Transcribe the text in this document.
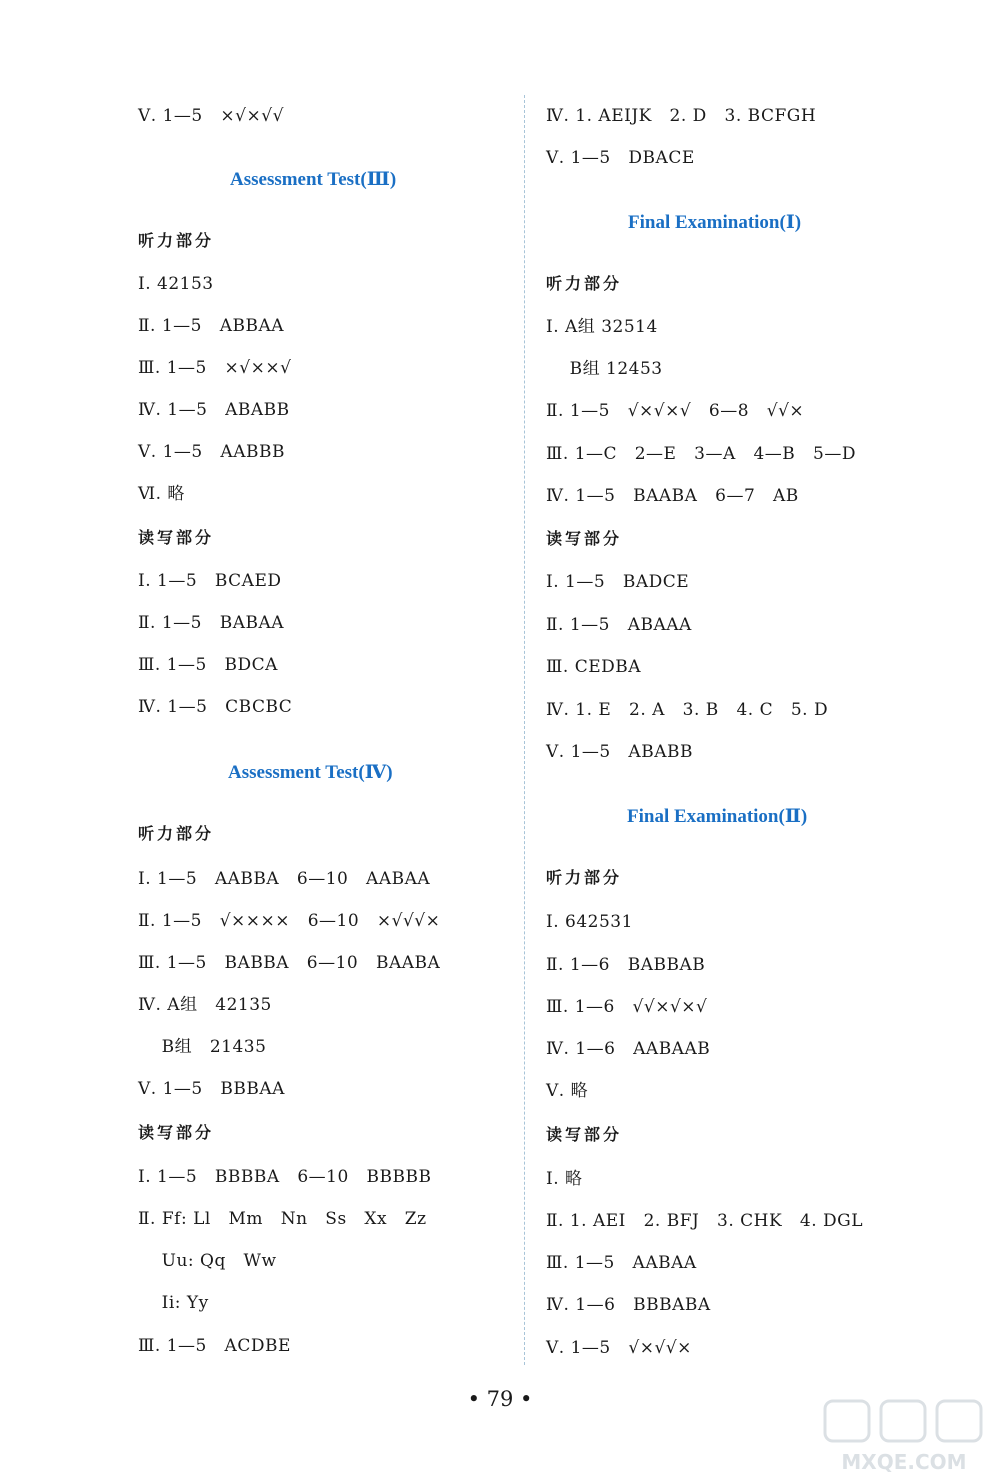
Ⅴ. 1—5   ×√×√√
Assessment Test(Ⅲ)
听力部分
Ⅰ. 42153
Ⅱ. 1—5   ABBAA
Ⅲ. 1—5   ×√××√
Ⅳ. 1—5   ABABB
Ⅴ. 1—5   AABBB
Ⅵ. 略
读写部分
Ⅰ. 1—5   BCAED
Ⅱ. 1—5   BABAA
Ⅲ. 1—5   BDCA
Ⅳ. 1—5   CBCBC
Assessment Test(Ⅳ)
听力部分
Ⅰ. 1—5   AABBA   6—10   AABAA
Ⅱ. 1—5   √××××   6—10   ×√√√×
Ⅲ. 1—5   BABBA   6—10   BAABA
Ⅳ. A组   42135
B组   21435
Ⅴ. 1—5   BBBAA
读写部分
Ⅰ. 1—5   BBBBA   6—10   BBBBB
Ⅱ. Ff: Ll   Mm   Nn   Ss   Xx   Zz
Uu: Qq   Ww
Ii: Yy
Ⅲ. 1—5   ACDBE
Ⅳ. 1. AEIJK   2. D   3. BCFGH
Ⅴ. 1—5   DBACE
Final Examination(Ⅰ)
听力部分
Ⅰ. A组 32514
B组 12453
Ⅱ. 1—5   √×√×√   6—8   √√×
Ⅲ. 1—C   2—E   3—A   4—B   5—D
Ⅳ. 1—5   BAABA   6—7   AB
读写部分
Ⅰ. 1—5   BADCE
Ⅱ. 1—5   ABAAA
Ⅲ. CEDBA
Ⅳ. 1. E   2. A   3. B   4. C   5. D
Ⅴ. 1—5   ABABB
Final Examination(Ⅱ)
听力部分
Ⅰ. 642531
Ⅱ. 1—6   BABBAB
Ⅲ. 1—6   √√×√×√
Ⅳ. 1—6   AABAAB
Ⅴ. 略
读写部分
Ⅰ. 略
Ⅱ. 1. AEI   2. BFJ   3. CHK   4. DGL
Ⅲ. 1—5   AABAA
Ⅳ. 1—6   BBBABA
Ⅴ. 1—5   √×√√×
• 79 •
MXQE.COM
